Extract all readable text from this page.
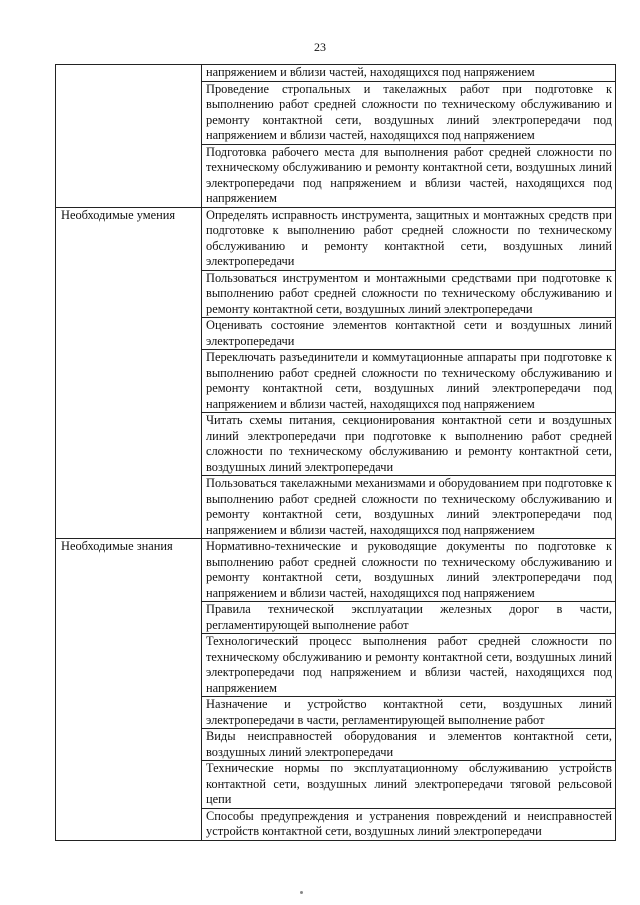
23
	напряжением и вблизи частей, находящихся под напряжением
	Проведение стропальных и такелажных работ при подготовке к выполнению работ средней сложности по техническому обслуживанию и ремонту контактной сети, воздушных линий электропередачи под напряжением и вблизи частей, находящихся под напряжением
	Подготовка рабочего места для выполнения работ средней сложности по техническому обслуживанию и ремонту контактной сети, воздушных линий электропередачи под напряжением и вблизи частей, находящихся под напряжением
Необходимые умения	Определять исправность инструмента, защитных и монтажных средств при подготовке к выполнению работ средней сложности по техническому обслуживанию и ремонту контактной сети, воздушных линий электропередачи
	Пользоваться инструментом и монтажными средствами при подготовке к выполнению работ средней сложности по техническому обслуживанию и ремонту контактной сети, воздушных линий электропередачи
	Оценивать состояние элементов контактной сети и воздушных линий электропередачи
	Переключать разъединители и коммутационные аппараты при подготовке к выполнению работ средней сложности по техническому обслуживанию и ремонту контактной сети, воздушных линий электропередачи под напряжением и вблизи частей, находящихся под напряжением
	Читать схемы питания, секционирования контактной сети и воздушных линий электропередачи при подготовке к выполнению работ средней сложности по техническому обслуживанию и ремонту контактной сети, воздушных линий электропередачи
	Пользоваться такелажными механизмами и оборудованием при подготовке к выполнению работ средней сложности по техническому обслуживанию и ремонту контактной сети, воздушных линий электропередачи под напряжением и вблизи частей, находящихся под напряжением
Необходимые знания	Нормативно-технические и руководящие документы по подготовке к выполнению работ средней сложности по техническому обслуживанию и ремонту контактной сети, воздушных линий электропередачи под напряжением и вблизи частей, находящихся под напряжением
	Правила технической эксплуатации железных дорог в части, регламентирующей выполнение работ
	Технологический процесс выполнения работ средней сложности по техническому обслуживанию и ремонту контактной сети, воздушных линий электропередачи под напряжением и вблизи частей, находящихся под напряжением
	Назначение и устройство контактной сети, воздушных линий электропередачи в части, регламентирующей выполнение работ
	Виды неисправностей оборудования и элементов контактной сети, воздушных линий электропередачи
	Технические нормы по эксплуатационному обслуживанию устройств контактной сети, воздушных линий электропередачи тяговой рельсовой цепи
	Способы предупреждения и устранения повреждений и неисправностей устройств контактной сети, воздушных линий электропередачи
